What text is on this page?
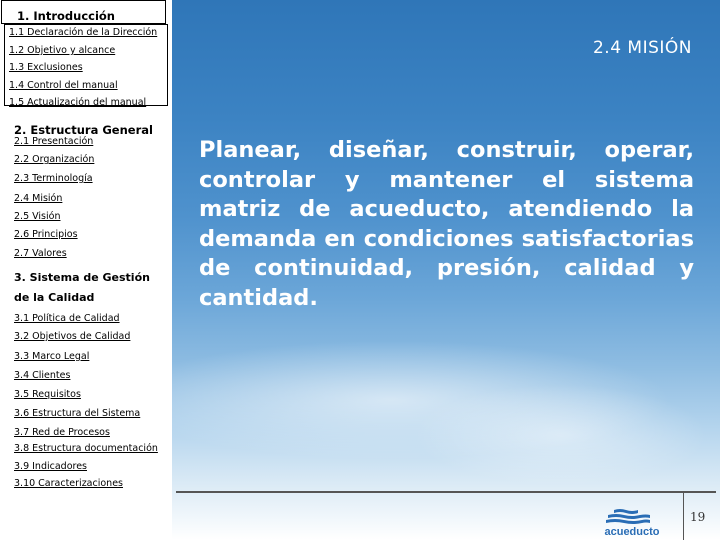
1. Introducción
1.1 Declaración de la Dirección
1.2 Objetivo y alcance
1.3 Exclusiones
1.4 Control del manual
1.5 Actualización del manual
2. Estructura General
2.1 Presentación
2.2 Organización
2.3 Terminología
2.4 Misión
2.5 Visión
2.6 Principios
2.7 Valores
3. Sistema de Gestión
de la Calidad
3.1 Política de Calidad
3.2 Objetivos de Calidad
3.3 Marco Legal
3.4 Clientes
3.5 Requisitos
3.6 Estructura del Sistema
3.7 Red de Procesos
3.8 Estructura documentación
3.9 Indicadores
3.10 Caracterizaciones
2.4 MISIÓN
Planear, diseñar, construir, operar, controlar y mantener el sistema matriz de acueducto, atendiendo la demanda en condiciones satisfactorias de continuidad, presión, calidad y cantidad.
acueducto
19
